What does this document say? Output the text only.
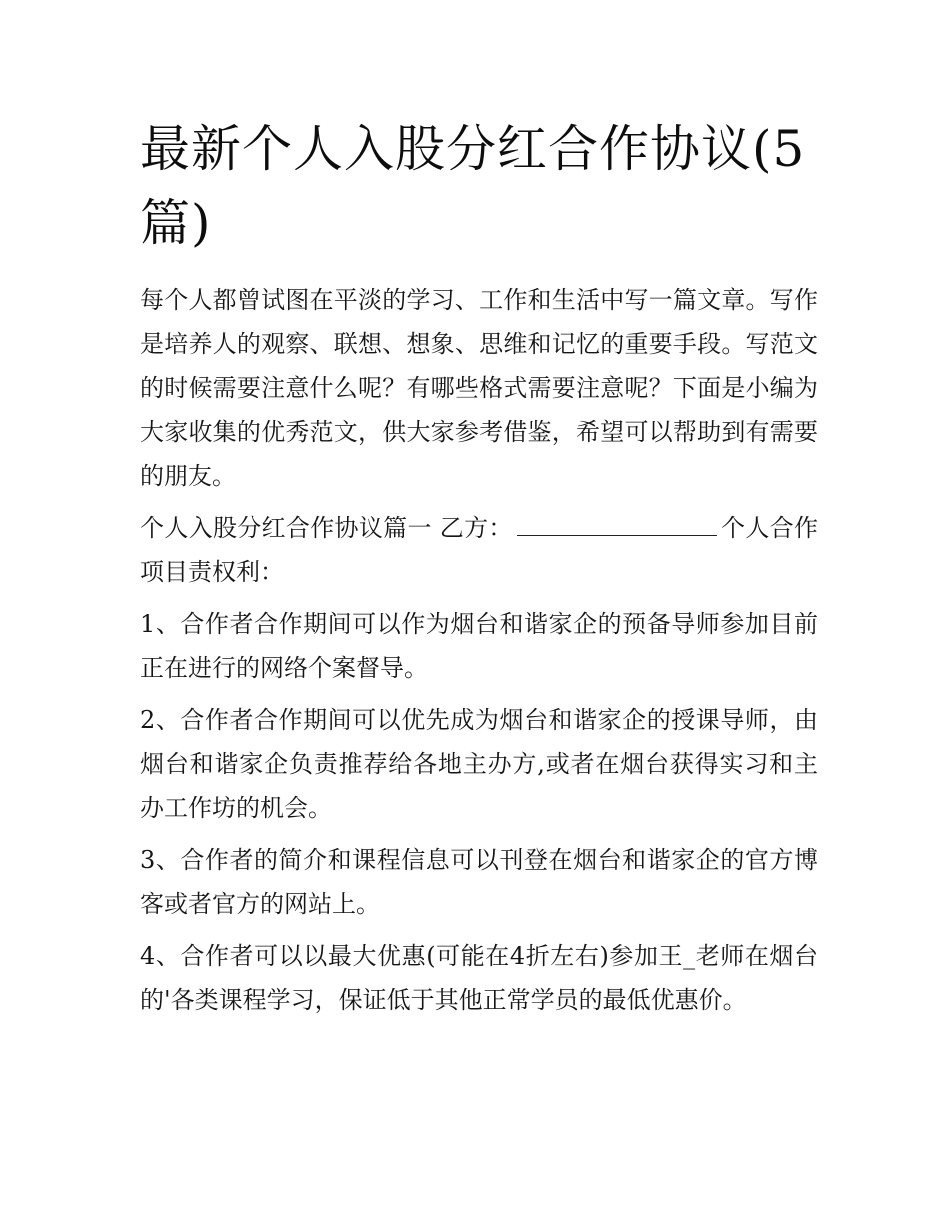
最新个人入股分红合作协议(5篇)

每个人都曾试图在平淡的学习、工作和生活中写一篇文章。写作是培养人的观察、联想、想象、思维和记忆的重要手段。写范文的时候需要注意什么呢？有哪些格式需要注意呢？下面是小编为大家收集的优秀范文，供大家参考借鉴，希望可以帮助到有需要的朋友。

个人入股分红合作协议篇一 乙方：	个人合作项目责权利：

1、合作者合作期间可以作为烟台和谐家企的预备导师参加目前正在进行的网络个案督导。

2、合作者合作期间可以优先成为烟台和谐家企的授课导师，由烟台和谐家企负责推荐给各地主办方,或者在烟台获得实习和主办工作坊的机会。

3、合作者的简介和课程信息可以刊登在烟台和谐家企的官方博客或者官方的网站上。

4、合作者可以以最大优惠(可能在4折左右)参加王_老师在烟台的'各类课程学习，保证低于其他正常学员的最低优惠价。
